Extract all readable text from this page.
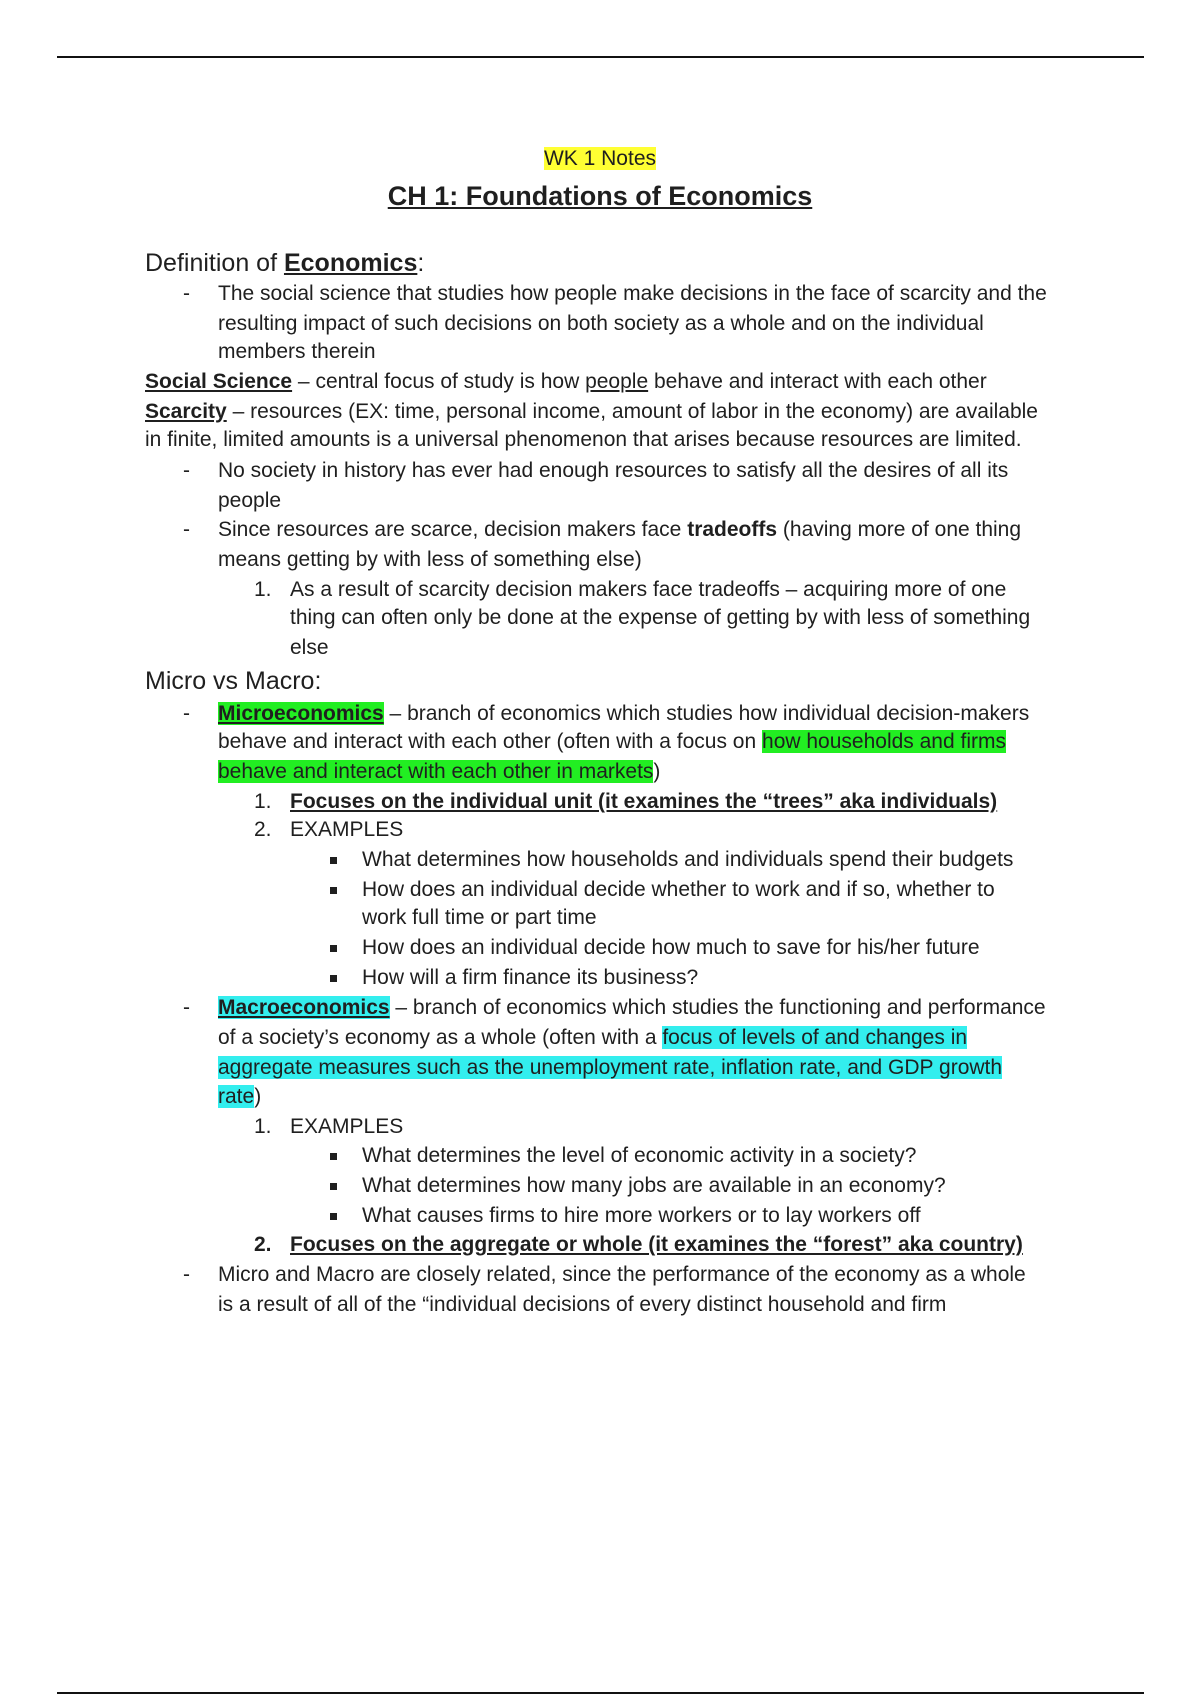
WK 1 Notes
CH 1: Foundations of Economics
Definition of Economics:
- The social science that studies how people make decisions in the face of scarcity and the
resulting impact of such decisions on both society as a whole and on the individual
members therein
Social Science – central focus of study is how people behave and interact with each other
Scarcity – resources (EX: time, personal income, amount of labor in the economy) are available
in finite, limited amounts is a universal phenomenon that arises because resources are limited.
- No society in history has ever had enough resources to satisfy all the desires of all its
people
- Since resources are scarce, decision makers face tradeoffs (having more of one thing
means getting by with less of something else)
1. As a result of scarcity decision makers face tradeoffs – acquiring more of one
thing can often only be done at the expense of getting by with less of something
else
Micro vs Macro:
- Microeconomics – branch of economics which studies how individual decision-makers
behave and interact with each other (often with a focus on how households and firms
behave and interact with each other in markets)
1. Focuses on the individual unit (it examines the “trees” aka individuals)
2. EXAMPLES
What determines how households and individuals spend their budgets
How does an individual decide whether to work and if so, whether to
work full time or part time
How does an individual decide how much to save for his/her future
How will a firm finance its business?
- Macroeconomics – branch of economics which studies the functioning and performance
of a society’s economy as a whole (often with a focus of levels of and changes in
aggregate measures such as the unemployment rate, inflation rate, and GDP growth
rate)
1. EXAMPLES
What determines the level of economic activity in a society?
What determines how many jobs are available in an economy?
What causes firms to hire more workers or to lay workers off
2. Focuses on the aggregate or whole (it examines the “forest” aka country)
- Micro and Macro are closely related, since the performance of the economy as a whole
is a result of all of the “individual decisions of every distinct household and firm
